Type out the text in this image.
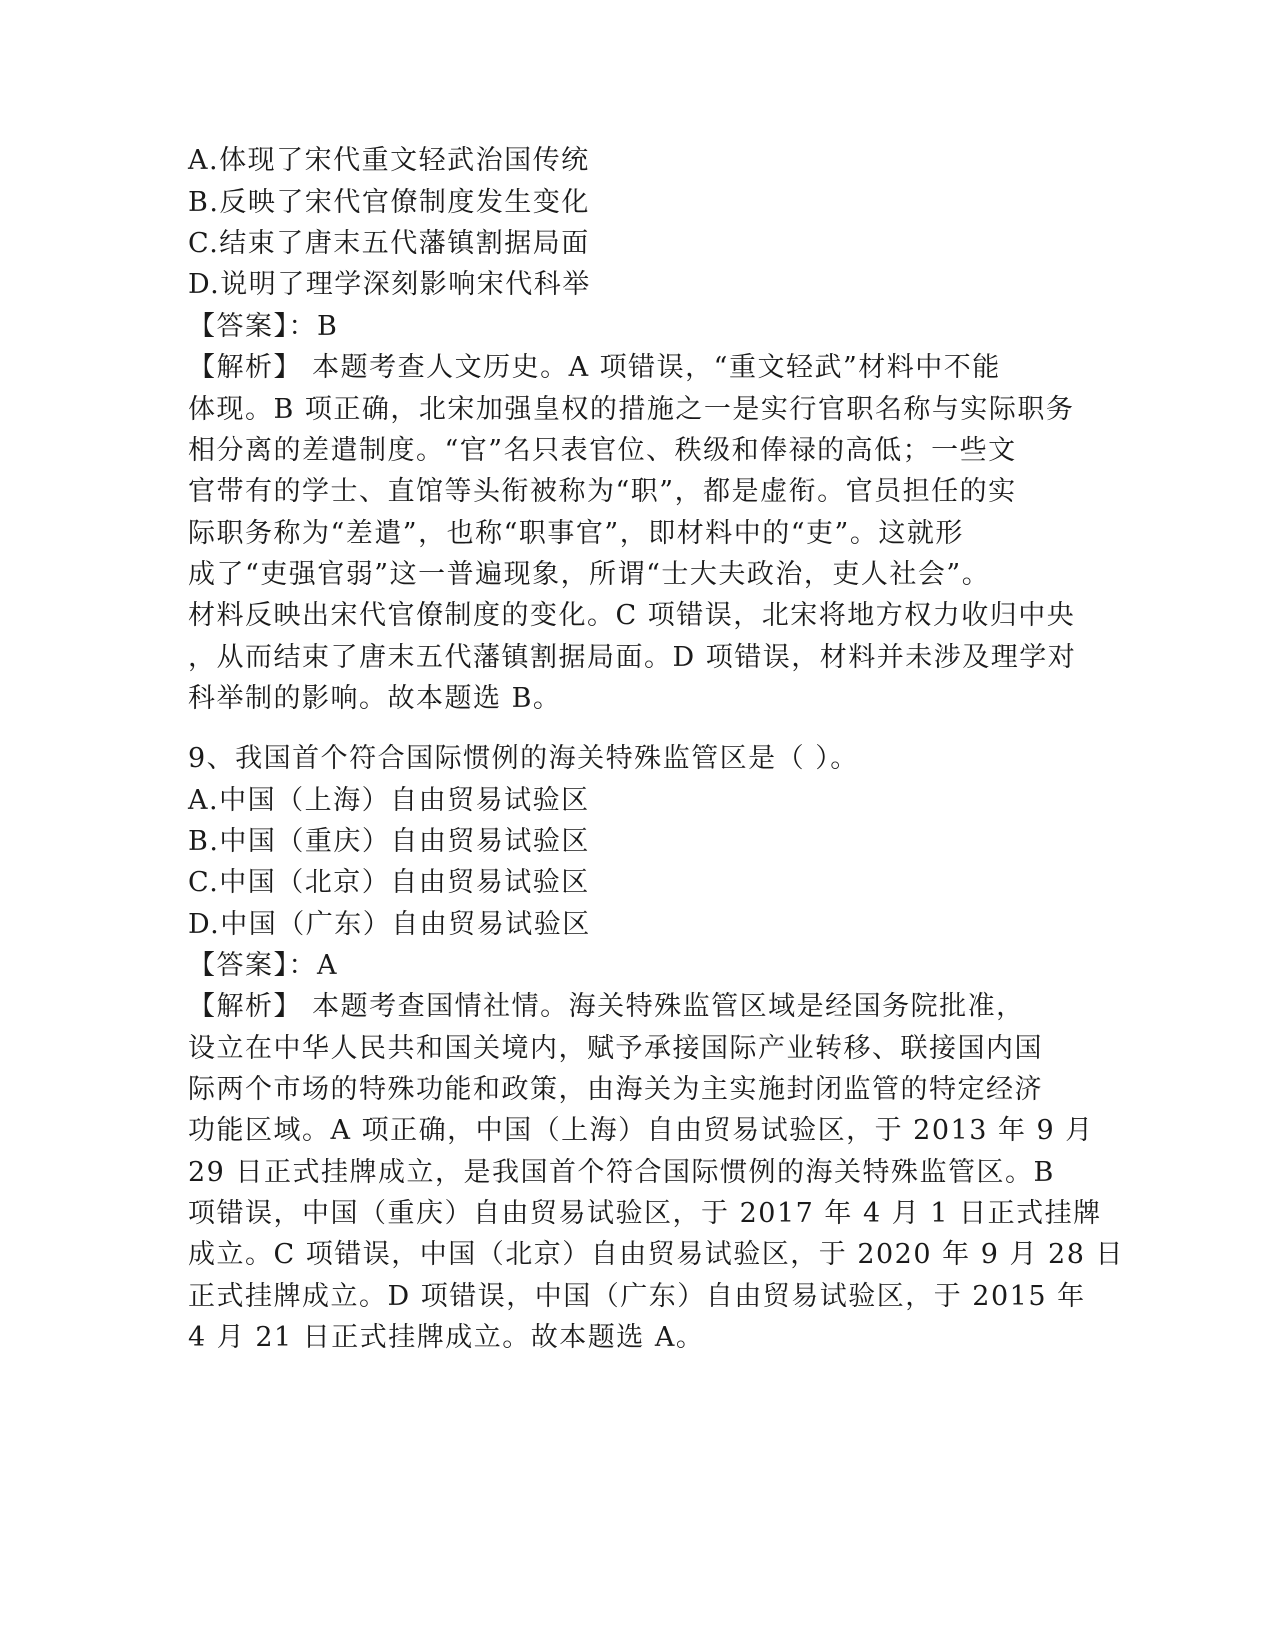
A.体现了宋代重文轻武治国传统
B.反映了宋代官僚制度发生变化
C.结束了唐末五代藩镇割据局面
D.说明了理学深刻影响宋代科举
【答案】：B
【解析】 本题考查人文历史。A 项错误，“重文轻武”材料中不能
体现。B 项正确，北宋加强皇权的措施之一是实行官职名称与实际职务
相分离的差遣制度。“官”名只表官位、秩级和俸禄的高低；一些文
官带有的学士、直馆等头衔被称为“职”，都是虚衔。官员担任的实
际职务称为“差遣”，也称“职事官”，即材料中的“吏”。这就形
成了“吏强官弱”这一普遍现象，所谓“士大夫政治，吏人社会”。
材料反映出宋代官僚制度的变化。C 项错误，北宋将地方权力收归中央
，从而结束了唐末五代藩镇割据局面。D 项错误，材料并未涉及理学对
科举制的影响。故本题选 B。
9、我国首个符合国际惯例的海关特殊监管区是（ ）。
A.中国（上海）自由贸易试验区
B.中国（重庆）自由贸易试验区
C.中国（北京）自由贸易试验区
D.中国（广东）自由贸易试验区
【答案】：A
【解析】 本题考查国情社情。海关特殊监管区域是经国务院批准，
设立在中华人民共和国关境内，赋予承接国际产业转移、联接国内国
际两个市场的特殊功能和政策，由海关为主实施封闭监管的特定经济
功能区域。A 项正确，中国（上海）自由贸易试验区，于 2013 年 9 月
29 日正式挂牌成立，是我国首个符合国际惯例的海关特殊监管区。B
项错误，中国（重庆）自由贸易试验区，于 2017 年 4 月 1 日正式挂牌
成立。C 项错误，中国（北京）自由贸易试验区，于 2020 年 9 月 28 日
正式挂牌成立。D 项错误，中国（广东）自由贸易试验区，于 2015 年
4 月 21 日正式挂牌成立。故本题选 A。
